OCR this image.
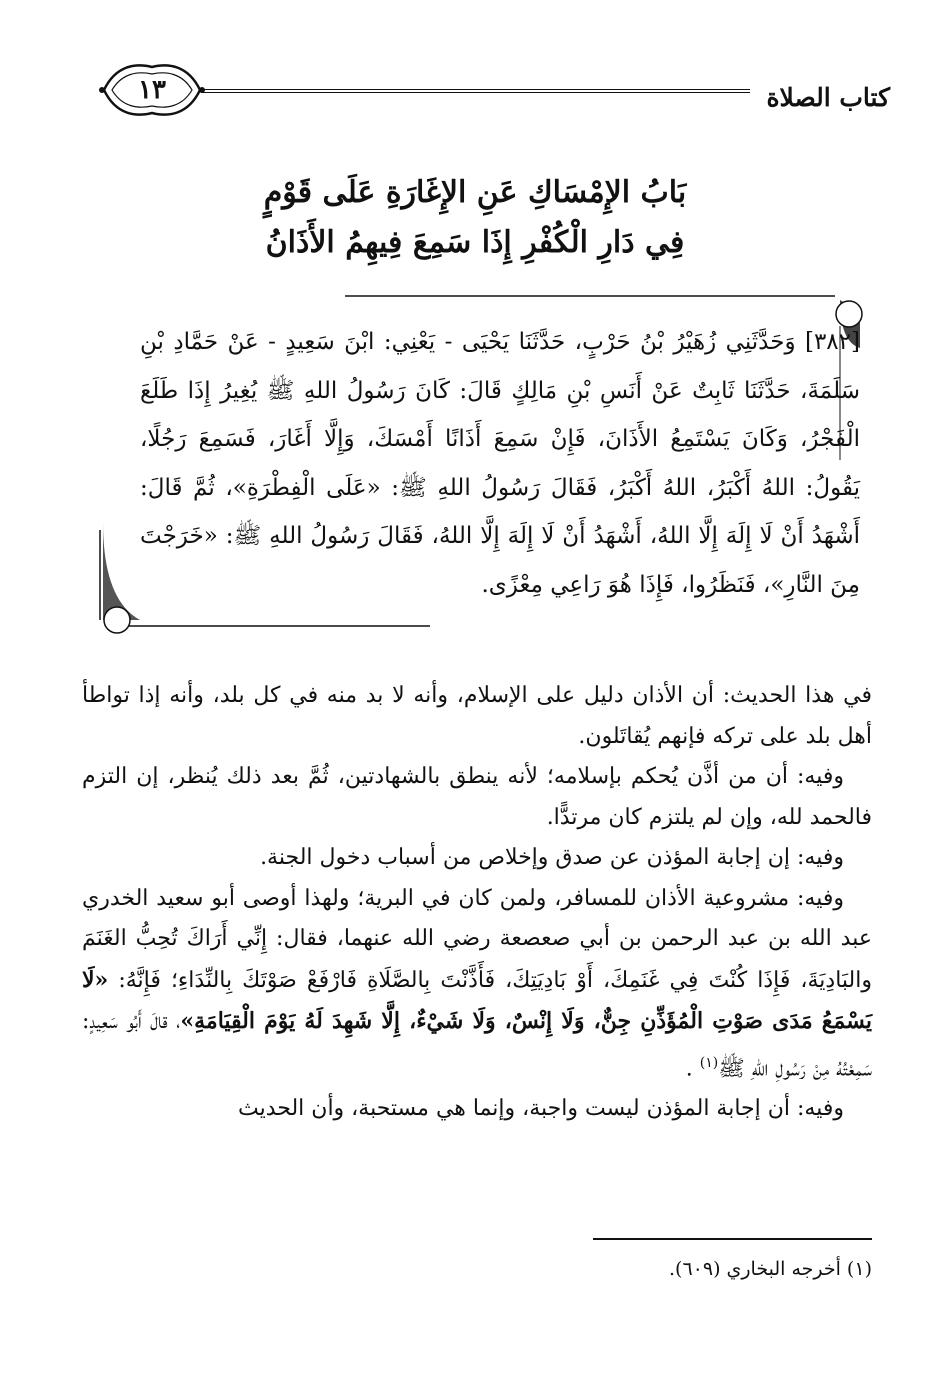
كتاب الصلاة
١٣
بَابُ الإِمْسَاكِ عَنِ الإِغَارَةِ عَلَى قَوْمٍ
فِي دَارِ الْكُفْرِ إِذَا سَمِعَ فِيهِمُ الأَذَانُ
[٣٨٢] وَحَدَّثَنِي زُهَيْرُ بْنُ حَرْبٍ، حَدَّثَنَا يَحْيَى - يَعْنِي: ابْنَ سَعِيدٍ - عَنْ حَمَّادِ بْنِ سَلَمَةَ، حَدَّثَنَا ثَابِتٌ عَنْ أَنَسِ بْنِ مَالِكٍ قَالَ: كَانَ رَسُولُ اللهِ ﷺ يُغِيرُ إِذَا طَلَعَ الْفَجْرُ، وَكَانَ يَسْتَمِعُ الأَذَانَ، فَإِنْ سَمِعَ أَذَانًا أَمْسَكَ، وَإِلَّا أَغَارَ، فَسَمِعَ رَجُلًا، يَقُولُ: اللهُ أَكْبَرُ، اللهُ أَكْبَرُ، فَقَالَ رَسُولُ اللهِ ﷺ: «عَلَى الْفِطْرَةِ»، ثُمَّ قَالَ: أَشْهَدُ أَنْ لَا إِلَهَ إِلَّا اللهُ، أَشْهَدُ أَنْ لَا إِلَهَ إِلَّا اللهُ، فَقَالَ رَسُولُ اللهِ ﷺ: «خَرَجْتَ مِنَ النَّارِ»، فَنَظَرُوا، فَإِذَا هُوَ رَاعِي مِعْزًى.

في هذا الحديث: أن الأذان دليل على الإسلام، وأنه لا بد منه في كل بلد، وأنه إذا تواطأ أهل بلد على تركه فإنهم يُقاتَلون.

وفيه: أن من أذَّن يُحكم بإسلامه؛ لأنه ينطق بالشهادتين، ثُمَّ بعد ذلك يُنظر، إن التزم فالحمد لله، وإن لم يلتزم كان مرتدًّا.

وفيه: إن إجابة المؤذن عن صدق وإخلاص من أسباب دخول الجنة.

وفيه: مشروعية الأذان للمسافر، ولمن كان في البرية؛ ولهذا أوصى أبو سعيد الخدري عبد الله بن عبد الرحمن بن أبي صعصعة رضي الله عنهما، فقال: إِنِّي أَرَاكَ تُحِبُّ الغَنَمَ والبَادِيَةَ، فَإِذَا كُنْتَ فِي غَنَمِكَ، أَوْ بَادِيَتِكَ، فَأَذَّنْتَ بِالصَّلَاةِ فَارْفَعْ صَوْتَكَ بِالنِّدَاءِ؛ فَإِنَّهُ: «لَا يَسْمَعُ مَدَى صَوْتِ الْمُؤَذِّنِ جِنٌّ، وَلَا إِنْسٌ، وَلَا شَيْءٌ، إِلَّا شَهِدَ لَهُ يَوْمَ الْقِيَامَةِ»، قالَ أَبُو سَعِيدٍ: سَمِعْتُهُ مِنْ رَسُولِ اللهِ ﷺ$^{(١)}$ .

وفيه: أن إجابة المؤذن ليست واجبة، وإنما هي مستحبة، وأن الحديث

(١) أخرجه البخاري (٦٠٩).
